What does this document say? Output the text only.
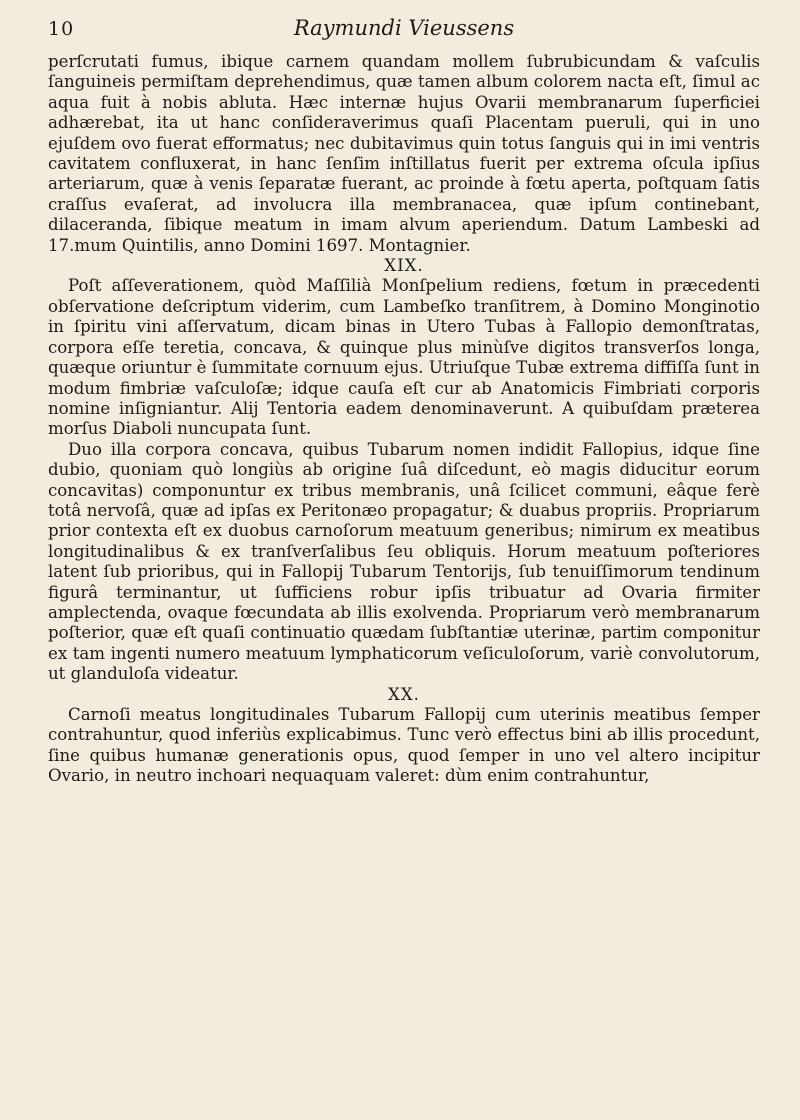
10	Raymundi Vieussens

perſcrutati fumus, ibique carnem quandam mollem ſubrubicundam & vaſculis ſanguineis permiſtam deprehendimus, quæ tamen album colorem nacta eſt, ſimul ac aqua fuit à nobis abluta. Hæc internæ hujus Ovarii membranarum ſuperficiei adhærebat, ita ut hanc conſideraverimus quaſi Placentam pueruli, qui in uno ejuſdem ovo fuerat efformatus; nec dubitavimus quin totus ſanguis qui in imi ventris cavitatem confluxerat, in hanc ſenſim inſtillatus fuerit per extrema oſcula ipſius arteriarum, quæ à venis ſeparatæ fuerant, ac proinde à fœtu aperta, poſtquam ſatis craſſus evaſerat, ad involucra illa membranacea, quæ ipſum continebant, dilaceranda, ſibique meatum in imam alvum aperiendum. Datum Lambeski ad 17.mum Quintilis, anno Domini 1697. Montagnier.

XIX.

Poſt aſſeverationem, quòd Maſſilià Monſpelium rediens, fœtum in præcedenti obſervatione deſcriptum viderim, cum Lambeſko tranſitrem, à Domino Monginotio in ſpiritu vini aſſervatum, dicam binas in Utero Tubas à Fallopio demonſtratas, corpora eſſe teretia, concava, & quinque plus minùſve digitos transverſos longa, quæque oriuntur è ſummitate cornuum ejus. Utriuſque Tubæ extrema diffiſſa ſunt in modum fimbriæ vaſculoſæ; idque cauſa eſt cur ab Anatomicis Fimbriati corporis nomine inſigniantur. Alij Tentoria eadem denominaverunt. A quibuſdam præterea morſus Diaboli nuncupata ſunt.

Duo illa corpora concava, quibus Tubarum nomen indidit Fallopius, idque ſine dubio, quoniam quò longiùs ab origine ſuâ diſcedunt, eò magis diducitur eorum concavitas) componuntur ex tribus membranis, unâ ſcilicet communi, eâque ferè totâ nervoſâ, quæ ad ipſas ex Peritonæo propagatur; & duabus propriis. Propriarum prior contexta eſt ex duobus carnoſorum meatuum generibus; nimirum ex meatibus longitudinalibus & ex tranſverſalibus ſeu obliquis. Horum meatuum poſteriores latent ſub prioribus, qui in Fallopij Tubarum Tentorijs, ſub tenuiſſimorum tendinum figurâ terminantur, ut ſufficiens robur ipſis tribuatur ad Ovaria firmiter amplectenda, ovaque fœcundata ab illis exolvenda. Propriarum verò membranarum poſterior, quæ eſt quaſi continuatio quædam ſubſtantiæ uterinæ, partim componitur ex tam ingenti numero meatuum lymphaticorum veſiculoſorum, variè convolutorum, ut glanduloſa videatur.

XX.

Carnoſi meatus longitudinales Tubarum Fallopij cum uterinis meatibus ſemper contrahuntur, quod inferiùs explicabimus. Tunc verò effectus bini ab illis procedunt, ſine quibus humanæ generationis opus, quod ſemper in uno vel altero incipitur Ovario, in neutro inchoari nequaquam valeret: dùm enim contrahuntur,
